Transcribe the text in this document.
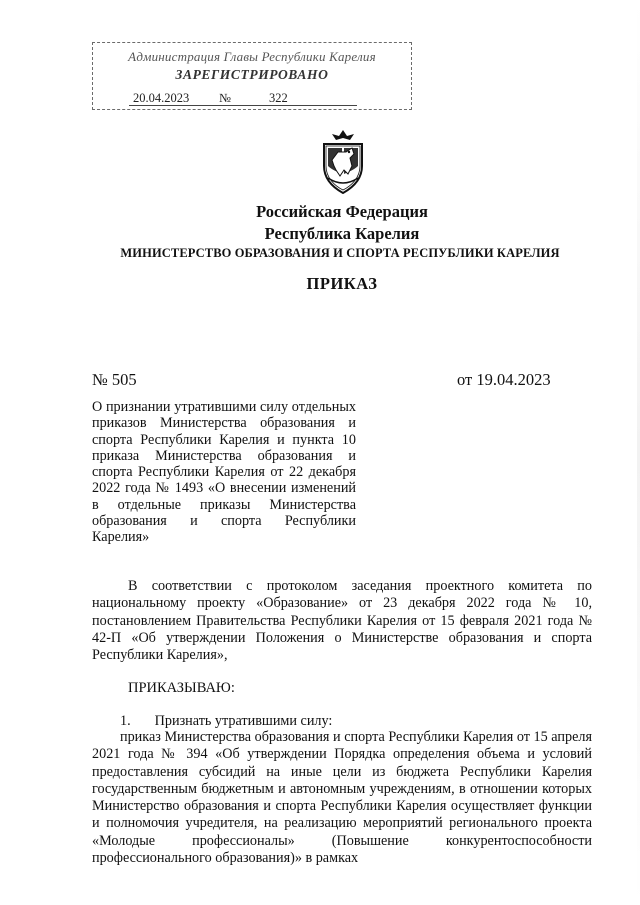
Администрация Главы Республики Карелия
ЗАРЕГИСТРИРОВАНО
20.04.2023 №	322
Российская Федерация
Республика Карелия
МИНИСТЕРСТВО ОБРАЗОВАНИЯ И СПОРТА РЕСПУБЛИКИ КАРЕЛИЯ
ПРИКАЗ
№ 505	от 19.04.2023
О признании утратившими силу отдельных приказов Министерства образования и спорта Республики Карелия и пункта 10 приказа Министерства образования и спорта Республики Карелия от 22 декабря 2022 года № 1493 «О внесении изменений в отдельные приказы Министерства образования и спорта Республики Карелия»
В соответствии с протоколом заседания проектного комитета по национальному проекту «Образование» от 23 декабря 2022 года № 10, постановлением Правительства Республики Карелия от 15 февраля 2021 года № 42-П «Об утверждении Положения о Министерстве образования и спорта Республики Карелия»,
ПРИКАЗЫВАЮ:
1. Признать утратившими силу:
приказ Министерства образования и спорта Республики Карелия от 15 апреля 2021 года № 394 «Об утверждении Порядка определения объема и условий предоставления субсидий на иные цели из бюджета Республики Карелия государственным бюджетным и автономным учреждениям, в отношении которых Министерство образования и спорта Республики Карелия осуществляет функции и полномочия учредителя, на реализацию мероприятий регионального проекта «Молодые профессионалы» (Повышение конкурентоспособности профессионального образования)» в рамках
